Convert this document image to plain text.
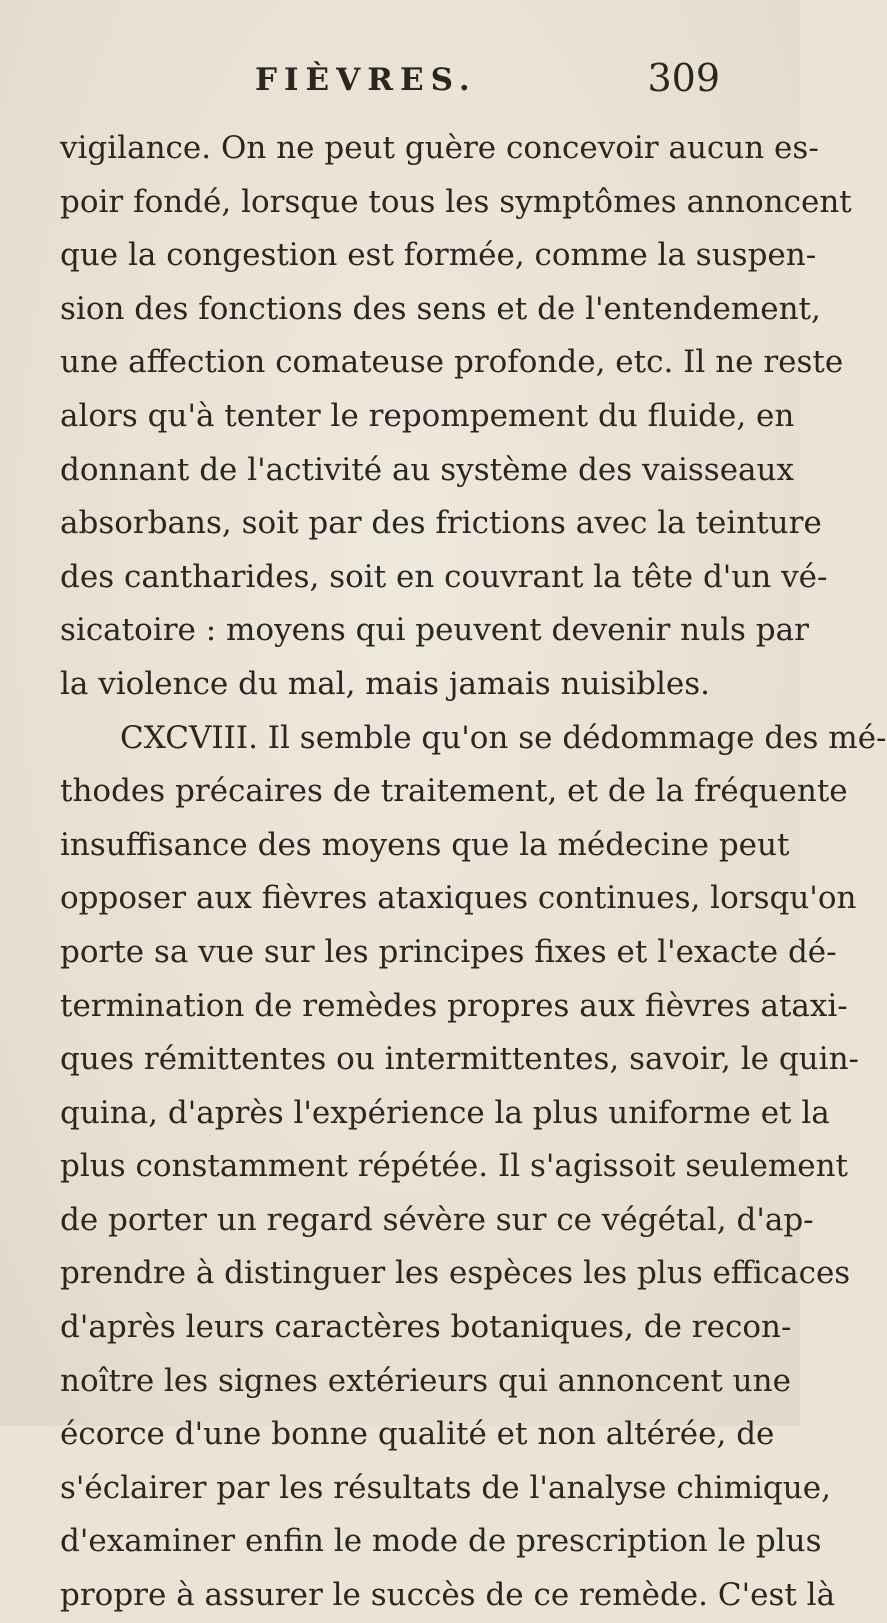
FIÈVRES.	309
vigilance. On ne peut guère concevoir aucun es-
poir fondé, lorsque tous les symptômes annoncent
que la congestion est formée, comme la suspen-
sion des fonctions des sens et de l'entendement,
une affection comateuse profonde, etc. Il ne reste
alors qu'à tenter le repompement du fluide, en
donnant de l'activité au système des vaisseaux
absorbans, soit par des frictions avec la teinture
des cantharides, soit en couvrant la tête d'un vé-
sicatoire : moyens qui peuvent devenir nuls par
la violence du mal, mais jamais nuisibles.
CXCVIII. Il semble qu'on se dédommage des mé-
thodes précaires de traitement, et de la fréquente
insuffisance des moyens que la médecine peut
opposer aux fièvres ataxiques continues, lorsqu'on
porte sa vue sur les principes fixes et l'exacte dé-
termination de remèdes propres aux fièvres ataxi-
ques rémittentes ou intermittentes, savoir, le quin-
quina, d'après l'expérience la plus uniforme et la
plus constamment répétée. Il s'agissoit seulement
de porter un regard sévère sur ce végétal, d'ap-
prendre à distinguer les espèces les plus efficaces
d'après leurs caractères botaniques, de recon-
noître les signes extérieurs qui annoncent une
écorce d'une bonne qualité et non altérée, de
s'éclairer par les résultats de l'analyse chimique,
d'examiner enfin le mode de prescription le plus
propre à assurer le succès de ce remède. C'est là
